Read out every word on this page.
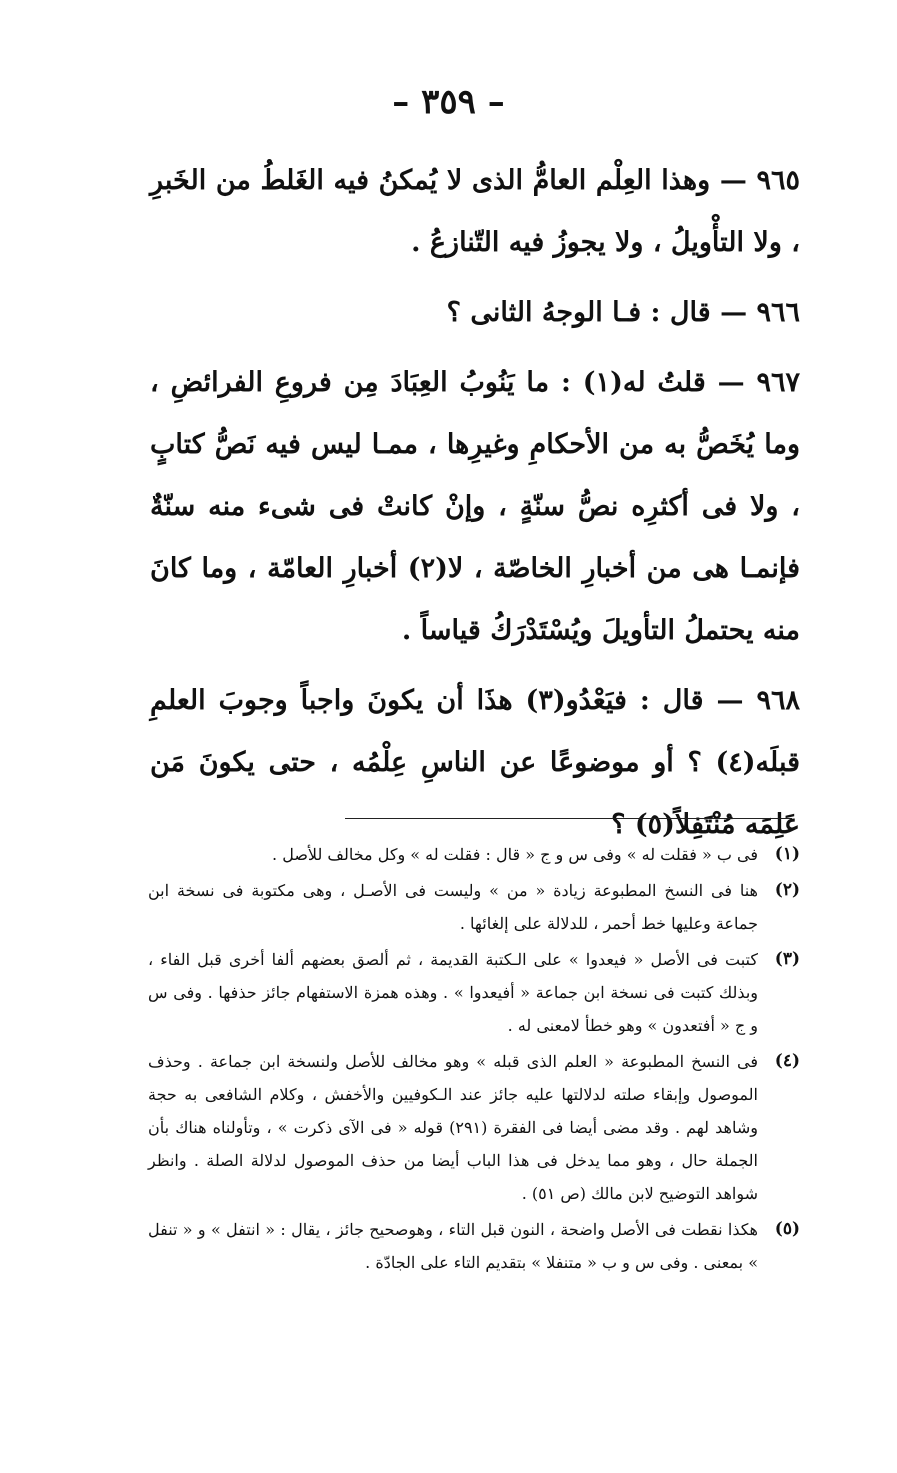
– ٣٥٩ –

٩٦٥ — وهذا العِلْم العامُّ الذى لا يُمكنُ فيه الغَلطُ من الخَبرِ ، ولا التأْويلُ ، ولا يجوزُ فيه التّنازعُ .

٩٦٦ — قال : فـا الوجهُ الثانى ؟

٩٦٧ — قلتُ له(١) : ما يَنُوبُ العِبَادَ مِن فروعِ الفرائضِ ، وما يُخَصُّ به من الأحكامِ وغيرِها ، ممـا ليس فيه نَصُّ كتابٍ ، ولا فى أكثرِه نصُّ سنّةٍ ، وإنْ كانتْ فى شىء منه سنّةٌ فإنمـا هى من أخبارِ الخاصّة ، لا(٢) أخبارِ العامّة ، وما كانَ منه يحتملُ التأويلَ ويُسْتَدْرَكُ قياساً .

٩٦٨ — قال : فيَعْدُو(٣) هذَا أن يكونَ واجباً وجوبَ العلمِ قبلَه(٤) ؟ أو موضوعًا عن الناسِ عِلْمُه ، حتى يكونَ مَن عَلِمَه مُنْتَفِلاً(٥) ؟

(١)
فى ب « فقلت له » وفى س و ج « قال : فقلت له » وكل مخالف للأصل .

(٢)
هنا فى النسخ المطبوعة زيادة « من » وليست فى الأصـل ، وهى مكتوبة فى نسخة ابن جماعة وعليها خط أحمر ، للدلالة على إلغائها .

(٣)
كتبت فى الأصل « فيعدوا » على الـكتبة القديمة ، ثم ألصق بعضهم ألفا أخرى قبل الفاء ، وبذلك كتبت فى نسخة ابن جماعة « أفيعدوا » . وهذه همزة الاستفهام جائز حذفها . وفى س و ج « أفتعدون » وهو خطأ لامعنى له .

(٤)
فى النسخ المطبوعة « العلم الذى قبله » وهو مخالف للأصل ولنسخة ابن جماعة . وحذف الموصول وإبقاء صلته لدلالتها عليه جائز عند الـكوفيين والأخفش ، وكلام الشافعى به حجة وشاهد لهم . وقد مضى أيضا فى الفقرة (٢٩١) قوله « فى الآى ذكرت » ، وتأولناه هناك بأن الجملة حال ، وهو مما يدخل فى هذا الباب أيضا من حذف الموصول لدلالة الصلة . وانظر شواهد التوضيح لابن مالك (ص ٥١) .

(٥)
هكذا نقطت فى الأصل واضحة ، النون قبل التاء ، وهوصحيح جائز ، يقال : « انتفل » و « تنفل » بمعنى . وفى س و ب « متنفلا » بتقديم التاء على الجادّة .
